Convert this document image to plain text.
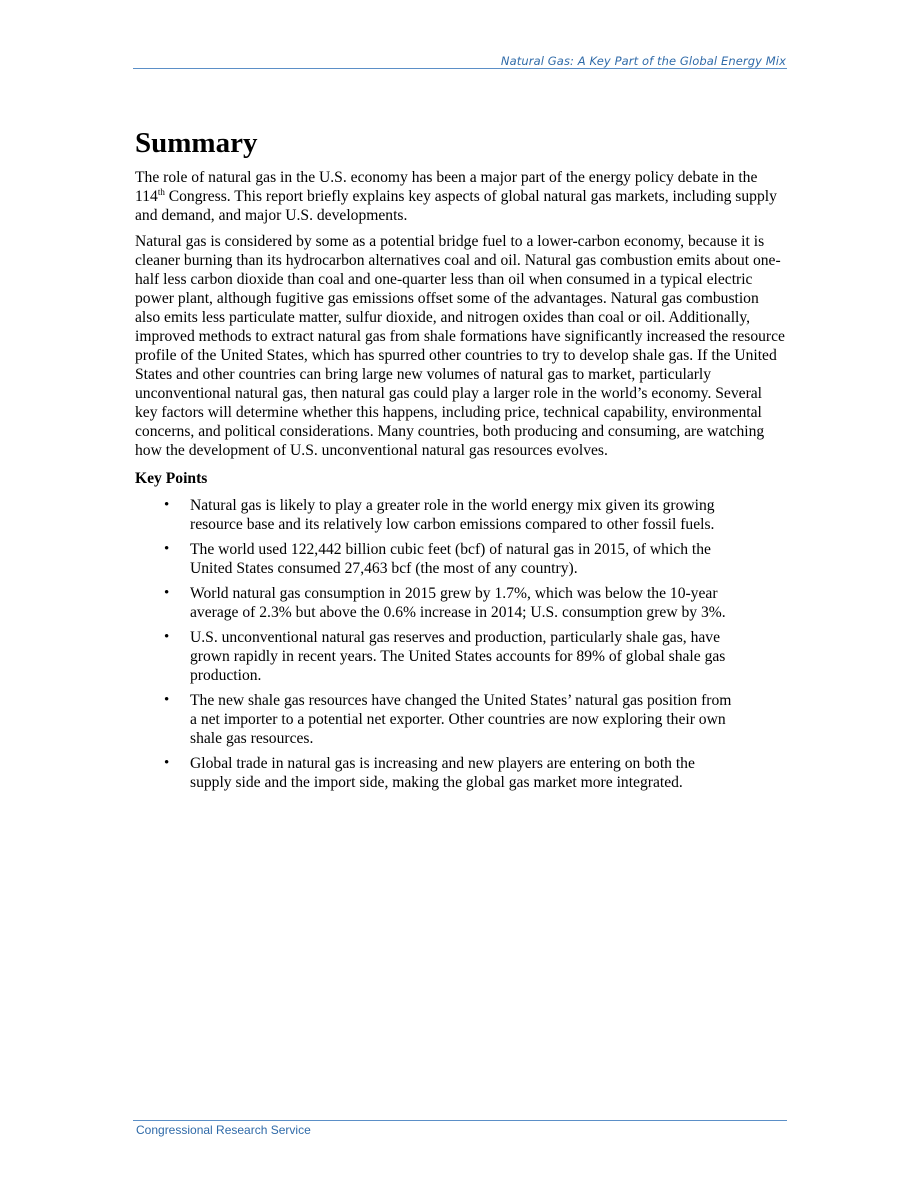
Natural Gas: A Key Part of the Global Energy Mix
Summary

The role of natural gas in the U.S. economy has been a major part of the energy policy debate in the 114th Congress. This report briefly explains key aspects of global natural gas markets, including supply and demand, and major U.S. developments.

Natural gas is considered by some as a potential bridge fuel to a lower-carbon economy, because it is cleaner burning than its hydrocarbon alternatives coal and oil. Natural gas combustion emits about one-half less carbon dioxide than coal and one-quarter less than oil when consumed in a typical electric power plant, although fugitive gas emissions offset some of the advantages. Natural gas combustion also emits less particulate matter, sulfur dioxide, and nitrogen oxides than coal or oil. Additionally, improved methods to extract natural gas from shale formations have significantly increased the resource profile of the United States, which has spurred other countries to try to develop shale gas. If the United States and other countries can bring large new volumes of natural gas to market, particularly unconventional natural gas, then natural gas could play a larger role in the world’s economy. Several key factors will determine whether this happens, including price, technical capability, environmental concerns, and political considerations. Many countries, both producing and consuming, are watching how the development of U.S. unconventional natural gas resources evolves.

Key Points
• Natural gas is likely to play a greater role in the world energy mix given its growing resource base and its relatively low carbon emissions compared to other fossil fuels.
• The world used 122,442 billion cubic feet (bcf) of natural gas in 2015, of which the United States consumed 27,463 bcf (the most of any country).
• World natural gas consumption in 2015 grew by 1.7%, which was below the 10-year average of 2.3% but above the 0.6% increase in 2014; U.S. consumption grew by 3%.
• U.S. unconventional natural gas reserves and production, particularly shale gas, have grown rapidly in recent years. The United States accounts for 89% of global shale gas production.
• The new shale gas resources have changed the United States’ natural gas position from a net importer to a potential net exporter. Other countries are now exploring their own shale gas resources.
• Global trade in natural gas is increasing and new players are entering on both the supply side and the import side, making the global gas market more integrated.
Congressional Research Service
